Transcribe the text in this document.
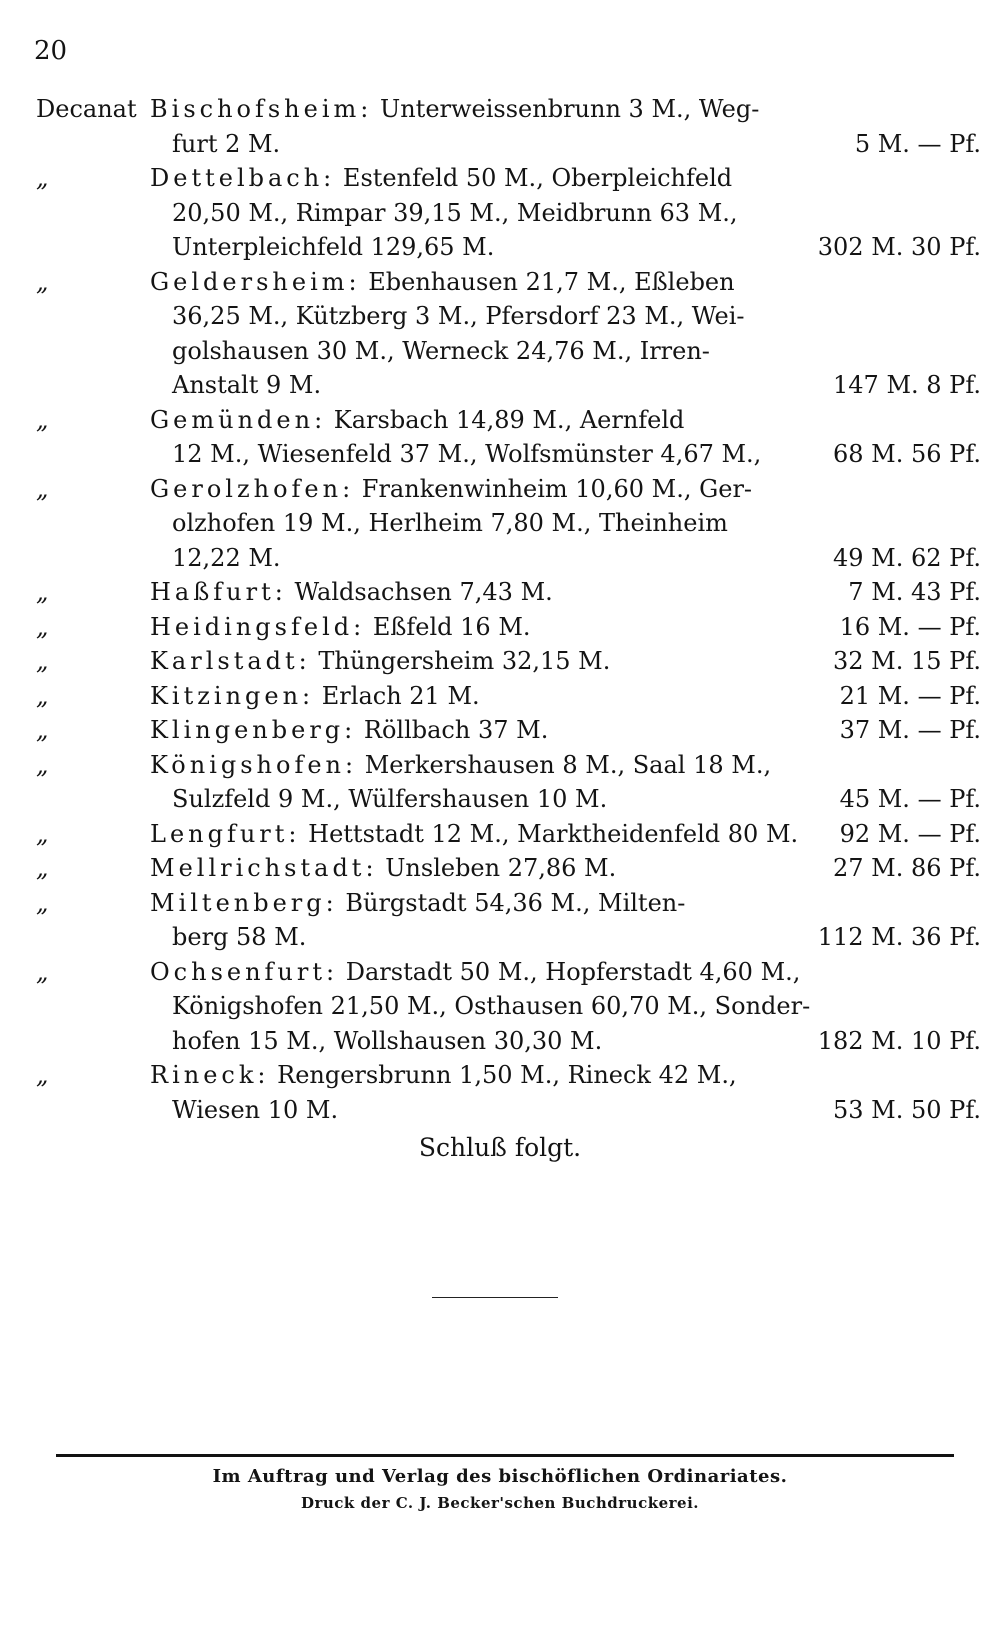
20
Decanat Bischofsheim: Unterweissenbrunn 3 M., Weg-
furt 2 M.	5 M. — Pf.
„	Dettelbach: Estenfeld 50 M., Oberpleichfeld
20,50 M., Rimpar 39,15 M., Meidbrunn 63 M.,
Unterpleichfeld 129,65 M.	302 M. 30 Pf.
„	Geldersheim: Ebenhausen 21,7 M., Eßleben
36,25 M., Kützberg 3 M., Pfersdorf 23 M., Wei-
golshausen 30 M., Werneck 24,76 M., Irren-
Anstalt 9 M.	147 M. 8 Pf.
„	Gemünden: Karsbach 14,89 M., Aernfeld
12 M., Wiesenfeld 37 M., Wolfsmünster 4,67 M.,	68 M. 56 Pf.
„	Gerolzhofen: Frankenwinheim 10,60 M., Ger-
olzhofen 19 M., Herlheim 7,80 M., Theinheim
12,22 M.	49 M. 62 Pf.
„	Haßfurt: Waldsachsen 7,43 M.	7 M. 43 Pf.
„	Heidingsfeld: Eßfeld 16 M.	16 M. — Pf.
„	Karlstadt: Thüngersheim 32,15 M.	32 M. 15 Pf.
„	Kitzingen: Erlach 21 M.	21 M. — Pf.
„	Klingenberg: Röllbach 37 M.	37 M. — Pf.
„	Königshofen: Merkershausen 8 M., Saal 18 M.,
Sulzfeld 9 M., Wülfershausen 10 M.	45 M. — Pf.
„	Lengfurt: Hettstadt 12 M., Marktheidenfeld 80 M.	92 M. — Pf.
„	Mellrichstadt: Unsleben 27,86 M.	27 M. 86 Pf.
„	Miltenberg: Bürgstadt 54,36 M., Milten-
berg 58 M.	112 M. 36 Pf.
„	Ochsenfurt: Darstadt 50 M., Hopferstadt 4,60 M.,
Königshofen 21,50 M., Osthausen 60,70 M., Sonder-
hofen 15 M., Wollshausen 30,30 M.	182 M. 10 Pf.
„	Rineck: Rengersbrunn 1,50 M., Rineck 42 M.,
Wiesen 10 M.	53 M. 50 Pf.
Schluß folgt.
Im Auftrag und Verlag des bischöflichen Ordinariates.
Druck der C. J. Becker'schen Buchdruckerei.
